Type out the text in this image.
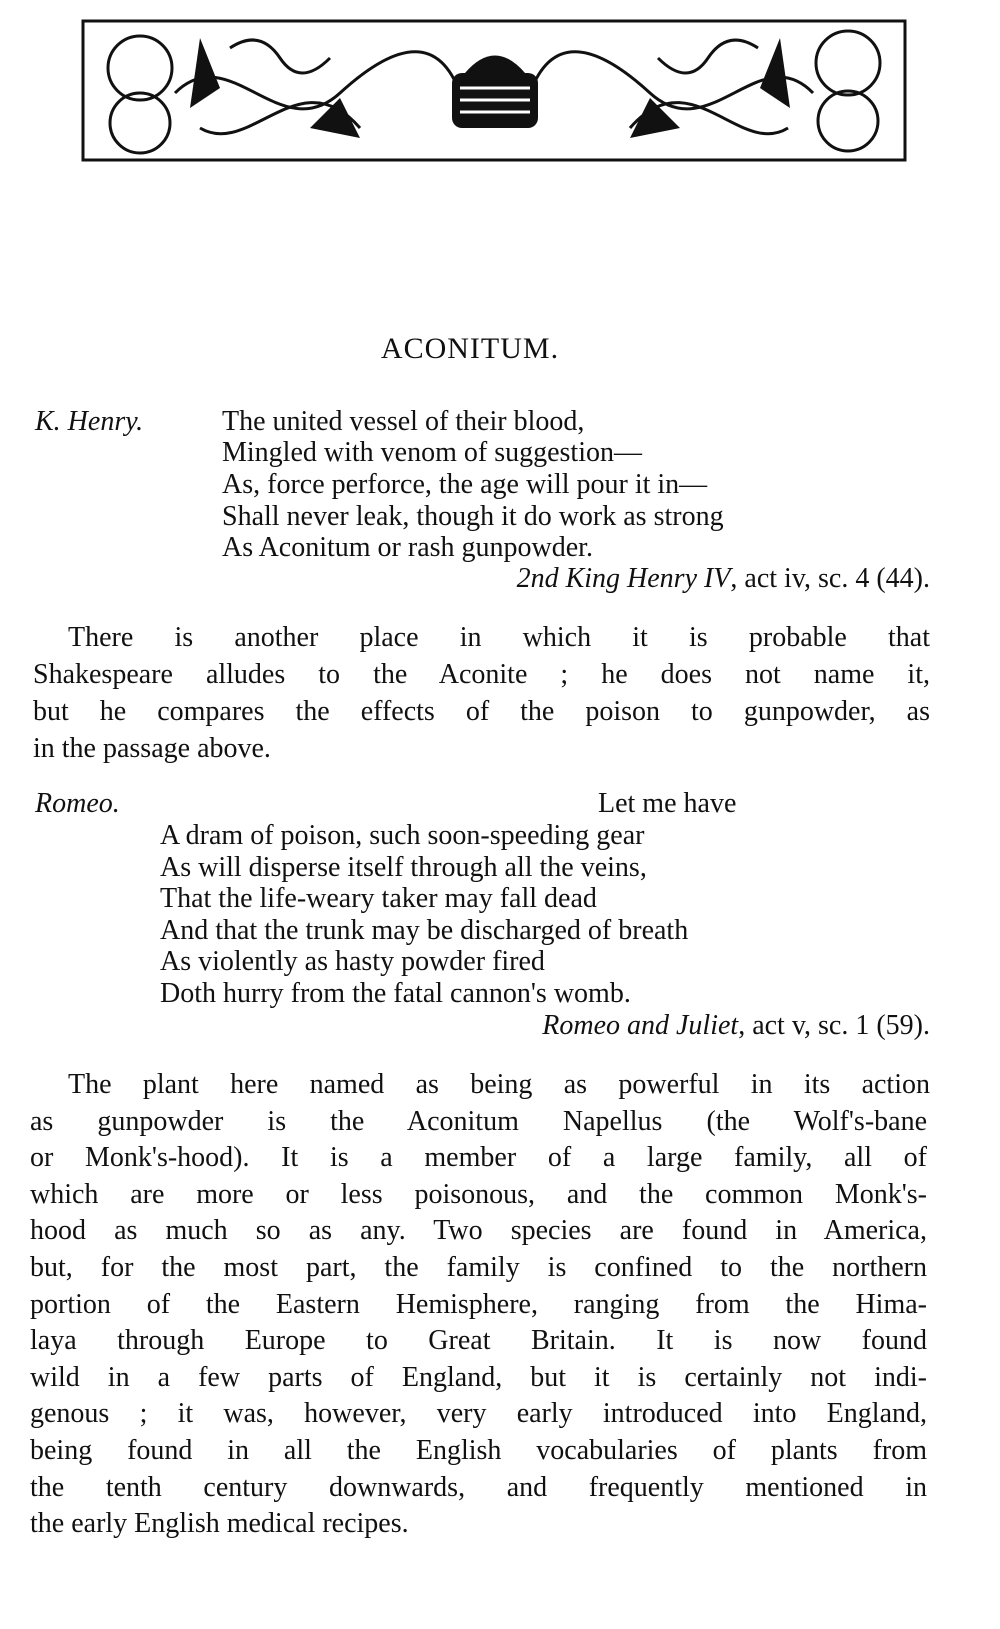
ACONITUM.
K. Henry.	The united vessel of their blood,
Mingled with venom of suggestion—
As, force perforce, the age will pour it in—
Shall never leak, though it do work as strong
As Aconitum or rash gunpowder.
2nd King Henry IV, act iv, sc. 4 (44).
There is another place in which it is probable that
Shakespeare alludes to the Aconite ; he does not name it,
but he compares the effects of the poison to gunpowder, as
in the passage above.
Romeo.	Let me have
A dram of poison, such soon-speeding gear
As will disperse itself through all the veins,
That the life-weary taker may fall dead
And that the trunk may be discharged of breath
As violently as hasty powder fired
Doth hurry from the fatal cannon's womb.
Romeo and Juliet, act v, sc. 1 (59).
The plant here named as being as powerful in its action
as gunpowder is the Aconitum Napellus (the Wolf's-bane
or Monk's-hood). It is a member of a large family, all of
which are more or less poisonous, and the common Monk's-
hood as much so as any. Two species are found in America,
but, for the most part, the family is confined to the northern
portion of the Eastern Hemisphere, ranging from the Hima-
laya through Europe to Great Britain. It is now found
wild in a few parts of England, but it is certainly not indi-
genous ; it was, however, very early introduced into England,
being found in all the English vocabularies of plants from
the tenth century downwards, and frequently mentioned in
the early English medical recipes.
